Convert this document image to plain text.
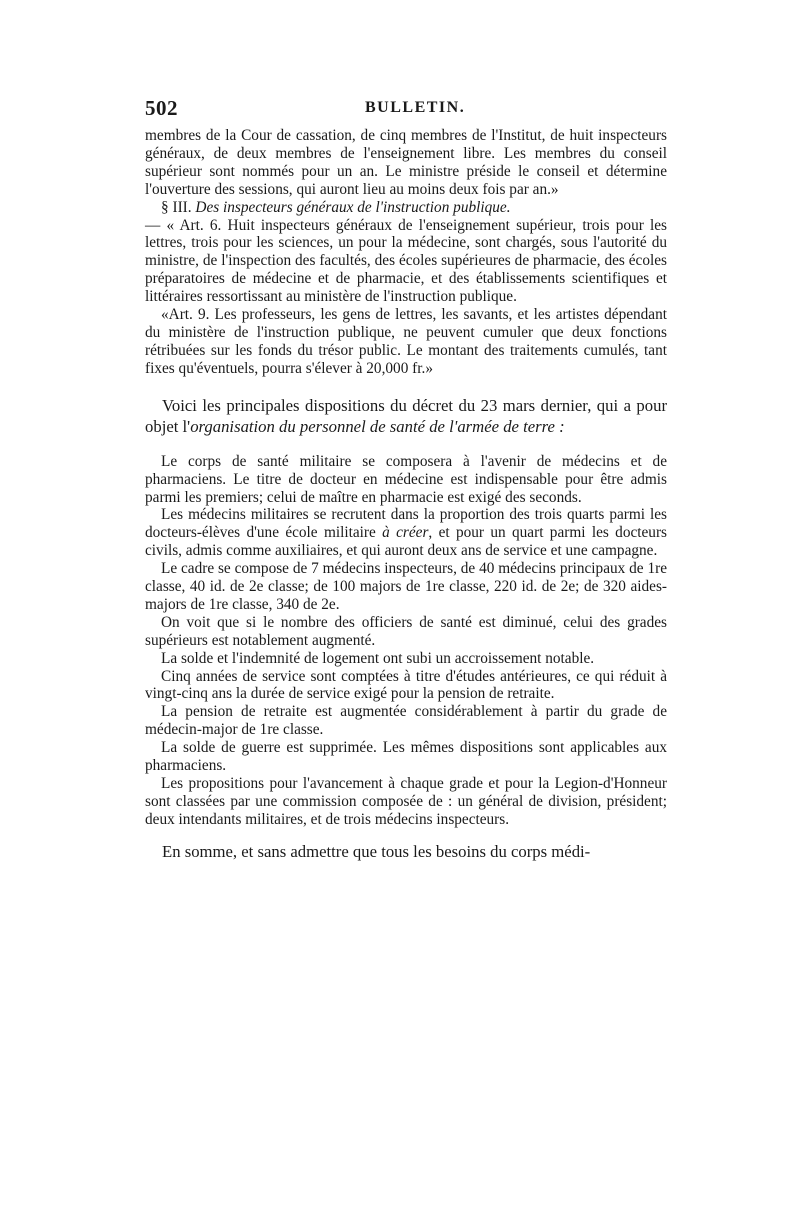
502	BULLETIN.

membres de la Cour de cassation, de cinq membres de l'Institut, de huit inspecteurs généraux, de deux membres de l'enseignement libre. Les membres du conseil supérieur sont nommés pour un an. Le ministre préside le conseil et détermine l'ouverture des sessions, qui auront lieu au moins deux fois par an.»

§ III. Des inspecteurs généraux de l'instruction publique.

— « Art. 6. Huit inspecteurs généraux de l'enseignement supérieur, trois pour les lettres, trois pour les sciences, un pour la médecine, sont chargés, sous l'autorité du ministre, de l'inspection des facultés, des écoles supérieures de pharmacie, des écoles préparatoires de médecine et de pharmacie, et des établissements scientifiques et littéraires ressortissant au ministère de l'instruction publique.

«Art. 9. Les professeurs, les gens de lettres, les savants, et les artistes dépendant du ministère de l'instruction publique, ne peuvent cumuler que deux fonctions rétribuées sur les fonds du trésor public. Le montant des traitements cumulés, tant fixes qu'éventuels, pourra s'élever à 20,000 fr.»

Voici les principales dispositions du décret du 23 mars dernier, qui a pour objet l'organisation du personnel de santé de l'armée de terre :

Le corps de santé militaire se composera à l'avenir de médecins et de pharmaciens. Le titre de docteur en médecine est indispensable pour être admis parmi les premiers; celui de maître en pharmacie est exigé des seconds.

Les médecins militaires se recrutent dans la proportion des trois quarts parmi les docteurs-élèves d'une école militaire à créer, et pour un quart parmi les docteurs civils, admis comme auxiliaires, et qui auront deux ans de service et une campagne.

Le cadre se compose de 7 médecins inspecteurs, de 40 médecins principaux de 1re classe, 40 id. de 2e classe; de 100 majors de 1re classe, 220 id. de 2e; de 320 aides-majors de 1re classe, 340 de 2e.

On voit que si le nombre des officiers de santé est diminué, celui des grades supérieurs est notablement augmenté.

La solde et l'indemnité de logement ont subi un accroissement notable.

Cinq années de service sont comptées à titre d'études antérieures, ce qui réduit à vingt-cinq ans la durée de service exigé pour la pension de retraite.

La pension de retraite est augmentée considérablement à partir du grade de médecin-major de 1re classe.

La solde de guerre est supprimée. Les mêmes dispositions sont applicables aux pharmaciens.

Les propositions pour l'avancement à chaque grade et pour la Legion-d'Honneur sont classées par une commission composée de : un général de division, président; deux intendants militaires, et de trois médecins inspecteurs.

En somme, et sans admettre que tous les besoins du corps médi-
